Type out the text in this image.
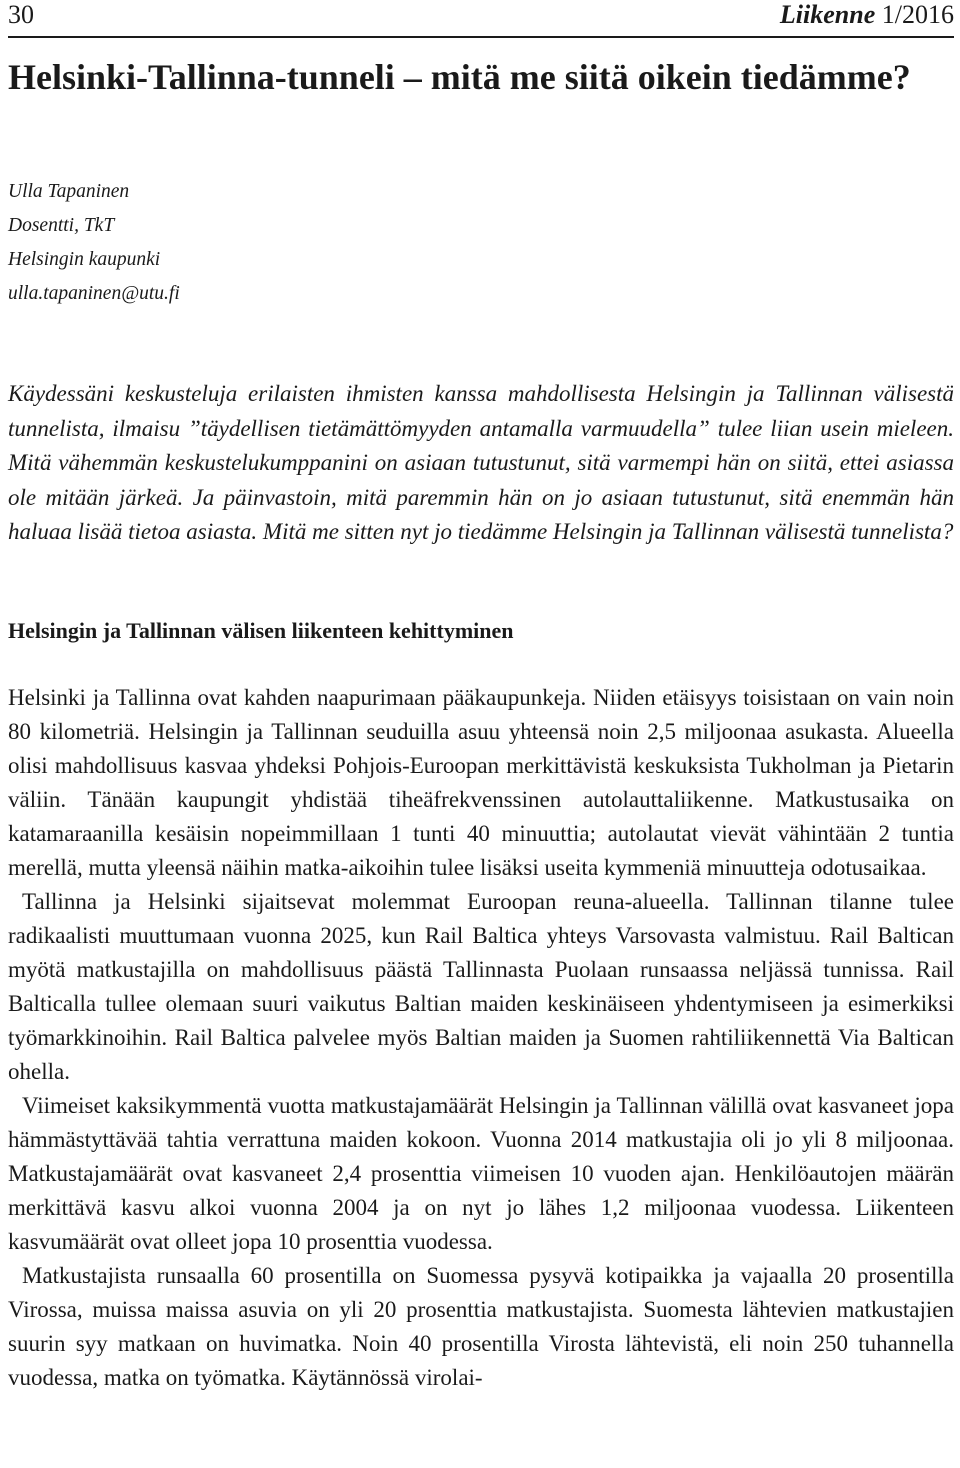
30	Liikenne 1/2016
Helsinki-Tallinna-tunneli – mitä me siitä oikein tiedämme?
Ulla Tapaninen
Dosentti, TkT
Helsingin kaupunki
ulla.tapaninen@utu.fi

Käydessäni keskusteluja erilaisten ihmisten kanssa mahdollisesta Helsingin ja Tallinnan välisestä tunnelista, ilmaisu ”täydellisen tietämättömyyden antamalla varmuudella” tulee liian usein mieleen. Mitä vähemmän keskustelukumppanini on asiaan tutustunut, sitä varmempi hän on siitä, ettei asiassa ole mitään järkeä. Ja päinvastoin, mitä paremmin hän on jo asiaan tutustunut, sitä enemmän hän haluaa lisää tietoa asiasta. Mitä me sitten nyt jo tiedämme Helsingin ja Tallinnan välisestä tunnelista?

Helsingin ja Tallinnan välisen liikenteen kehittyminen

Helsinki ja Tallinna ovat kahden naapurimaan pääkaupunkeja. Niiden etäisyys toisistaan on vain noin 80 kilometriä. Helsingin ja Tallinnan seuduilla asuu yhteensä noin 2,5 miljoonaa asukasta. Alueella olisi mahdollisuus kasvaa yhdeksi Pohjois-Euroopan merkittävistä keskuksista Tukholman ja Pietarin väliin. Tänään kaupungit yhdistää tiheäfrekvenssinen autolauttaliikenne. Matkustusaika on katamaraanilla kesäisin nopeimmillaan 1 tunti 40 minuuttia; autolautat vievät vähintään 2 tuntia merellä, mutta yleensä näihin matka-aikoihin tulee lisäksi useita kymmeniä minuutteja odotusaikaa.

Tallinna ja Helsinki sijaitsevat molemmat Euroopan reuna-alueella. Tallinnan tilanne tulee radikaalisti muuttumaan vuonna 2025, kun Rail Baltica yhteys Varsovasta valmistuu. Rail Baltican myötä matkustajilla on mahdollisuus päästä Tallinnasta Puolaan runsaassa neljässä tunnissa. Rail Balticalla tullee olemaan suuri vaikutus Baltian maiden keskinäiseen yhdentymiseen ja esimerkiksi työmarkkinoihin. Rail Baltica palvelee myös Baltian maiden ja Suomen rahtiliikennettä Via Baltican ohella.

Viimeiset kaksikymmentä vuotta matkustajamäärät Helsingin ja Tallinnan välillä ovat kasvaneet jopa hämmästyttävää tahtia verrattuna maiden kokoon. Vuonna 2014 matkustajia oli jo yli 8 miljoonaa. Matkustajamäärät ovat kasvaneet 2,4 prosenttia viimeisen 10 vuoden ajan. Henkilöautojen määrän merkittävä kasvu alkoi vuonna 2004 ja on nyt jo lähes 1,2 miljoonaa vuodessa. Liikenteen kasvumäärät ovat olleet jopa 10 prosenttia vuodessa.

Matkustajista runsaalla 60 prosentilla on Suomessa pysyvä kotipaikka ja vajaalla 20 prosentilla Virossa, muissa maissa asuvia on yli 20 prosenttia matkustajista. Suomesta lähtevien matkustajien suurin syy matkaan on huvimatka. Noin 40 prosentilla Virosta lähtevistä, eli noin 250 tuhannella vuodessa, matka on työmatka. Käytännössä virolai-
